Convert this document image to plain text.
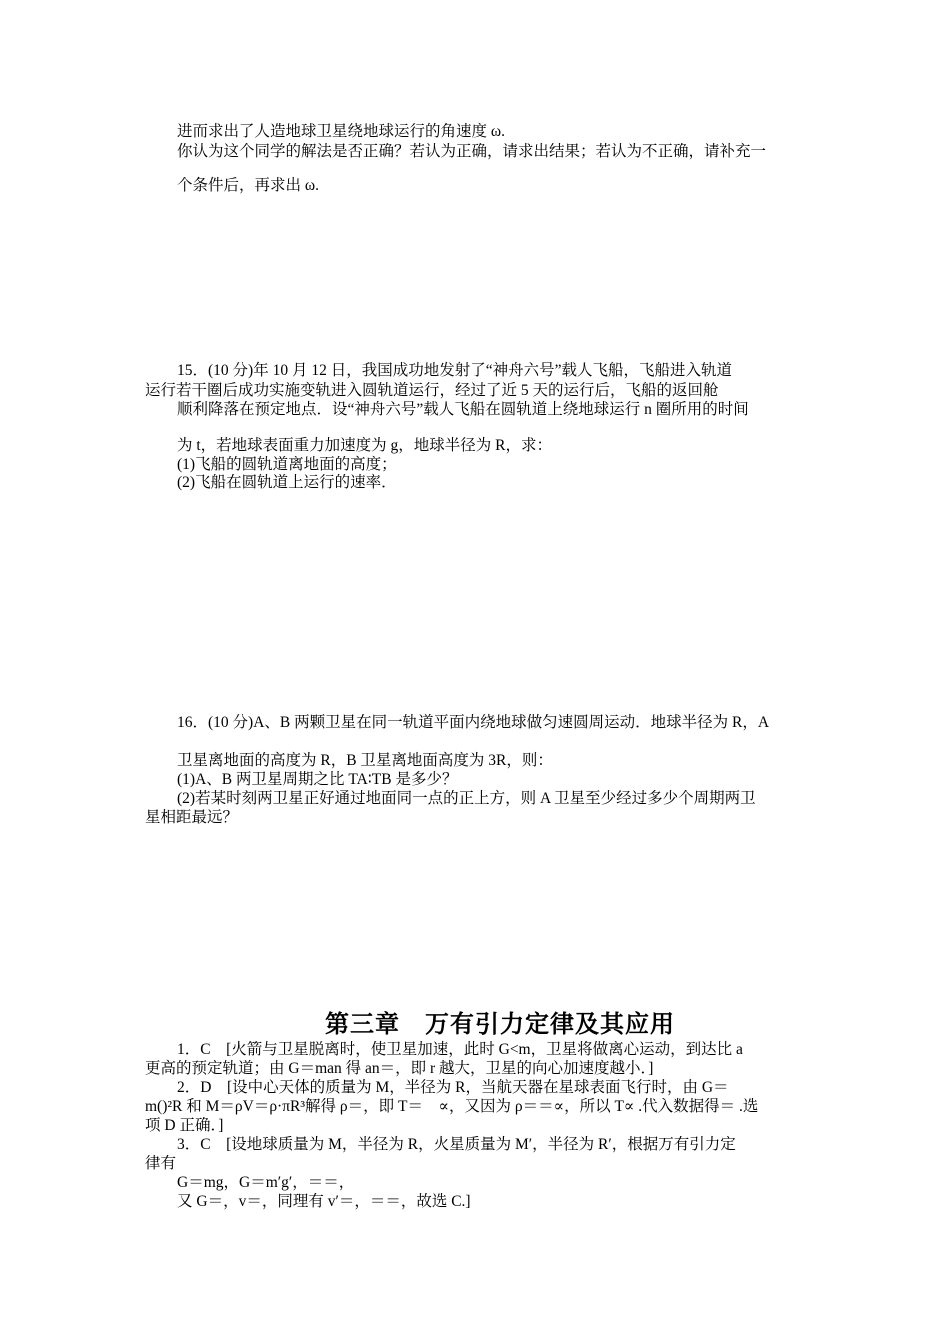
进而求出了人造地球卫星绕地球运行的角速度 ω.
你认为这个同学的解法是否正确？若认为正确，请求出结果；若认为不正确，请补充一
个条件后，再求出 ω.
15．(10 分)年 10 月 12 日，我国成功地发射了“神舟六号”载人飞船，飞船进入轨道
运行若干圈后成功实施变轨进入圆轨道运行，经过了近 5 天的运行后，飞船的返回舱
顺利降落在预定地点．设“神舟六号”载人飞船在圆轨道上绕地球运行 n 圈所用的时间
为 t，若地球表面重力加速度为 g，地球半径为 R，求：
(1)飞船的圆轨道离地面的高度；
(2)飞船在圆轨道上运行的速率．
16．(10 分)A、B 两颗卫星在同一轨道平面内绕地球做匀速圆周运动．地球半径为 R，A
卫星离地面的高度为 R，B 卫星离地面高度为 3R，则：
(1)A、B 两卫星周期之比 TA∶TB 是多少？
(2)若某时刻两卫星正好通过地面同一点的正上方，则 A 卫星至少经过多少个周期两卫
星相距最远？
第三章　万有引力定律及其应用
1．C　[火箭与卫星脱离时，使卫星加速，此时 G<m，卫星将做离心运动，到达比 a
更高的预定轨道；由 G＝man 得 an＝，即 r 越大，卫星的向心加速度越小．]
2．D　[设中心天体的质量为 M，半径为 R，当航天器在星球表面飞行时，由 G＝
m()²R 和 M＝ρV＝ρ·πR³解得 ρ＝，即 T＝　∝，又因为 ρ＝＝∝，所以 T∝ .代入数据得＝ .选
项 D 正确．]
3．C　[设地球质量为 M，半径为 R，火星质量为 M′，半径为 R′，根据万有引力定
律有
G＝mg，G＝m′g′，＝＝，
又 G＝，v＝，同理有 v′＝，＝＝，故选 C.]
